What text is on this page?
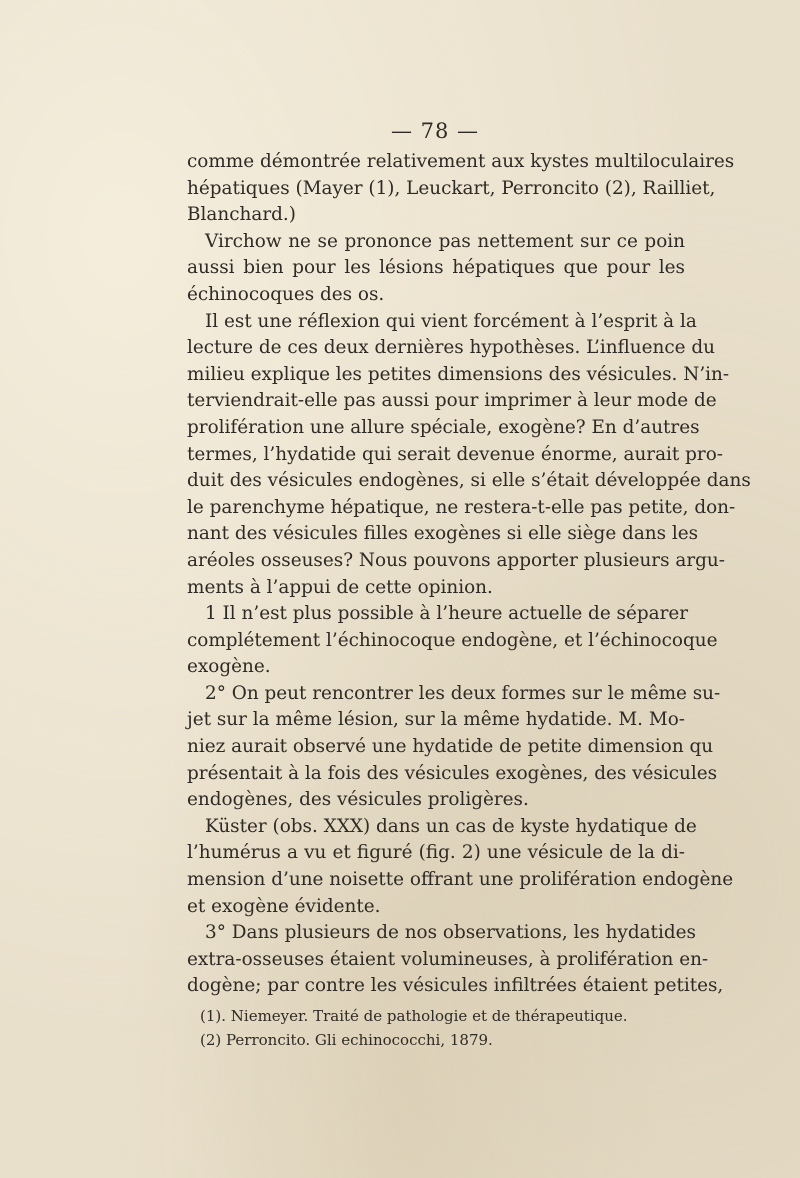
— 78 —
comme démontrée relativement aux kystes multiloculaires
hépatiques (Mayer (1), Leuckart, Perroncito (2), Railliet,
Blanchard.)
Virchow ne se prononce pas nettement sur ce poin
aussi bien pour les lésions hépatiques que pour les
échinocoques des os.
Il est une réflexion qui vient forcément à l’esprit à la
lecture de ces deux dernières hypothèses. L’influence du
milieu explique les petites dimensions des vésicules. N’in-
terviendrait-elle pas aussi pour imprimer à leur mode de
prolifération une allure spéciale, exogène? En d’autres
termes, l’hydatide qui serait devenue énorme, aurait pro-
duit des vésicules endogènes, si elle s’était développée dans
le parenchyme hépatique, ne restera-t-elle pas petite, don-
nant des vésicules filles exogènes si elle siège dans les
aréoles osseuses? Nous pouvons apporter plusieurs argu-
ments à l’appui de cette opinion.
1 Il n’est plus possible à l’heure actuelle de séparer
complétement l’échinocoque endogène, et l’échinocoque
exogène.
2° On peut rencontrer les deux formes sur le même su-
jet sur la même lésion, sur la même hydatide. M. Mo-
niez aurait observé une hydatide de petite dimension qu
présentait à la fois des vésicules exogènes, des vésicules
endogènes, des vésicules proligères.
Küster (obs. XXX) dans un cas de kyste hydatique de
l’humérus a vu et figuré (fig. 2) une vésicule de la di-
mension d’une noisette offrant une prolifération endogène
et exogène évidente.
3° Dans plusieurs de nos observations, les hydatides
extra-osseuses étaient volumineuses, à prolifération en-
dogène; par contre les vésicules infiltrées étaient petites,
(1). Niemeyer. Traité de pathologie et de thérapeutique.
(2) Perroncito. Gli echinococchi, 1879.
